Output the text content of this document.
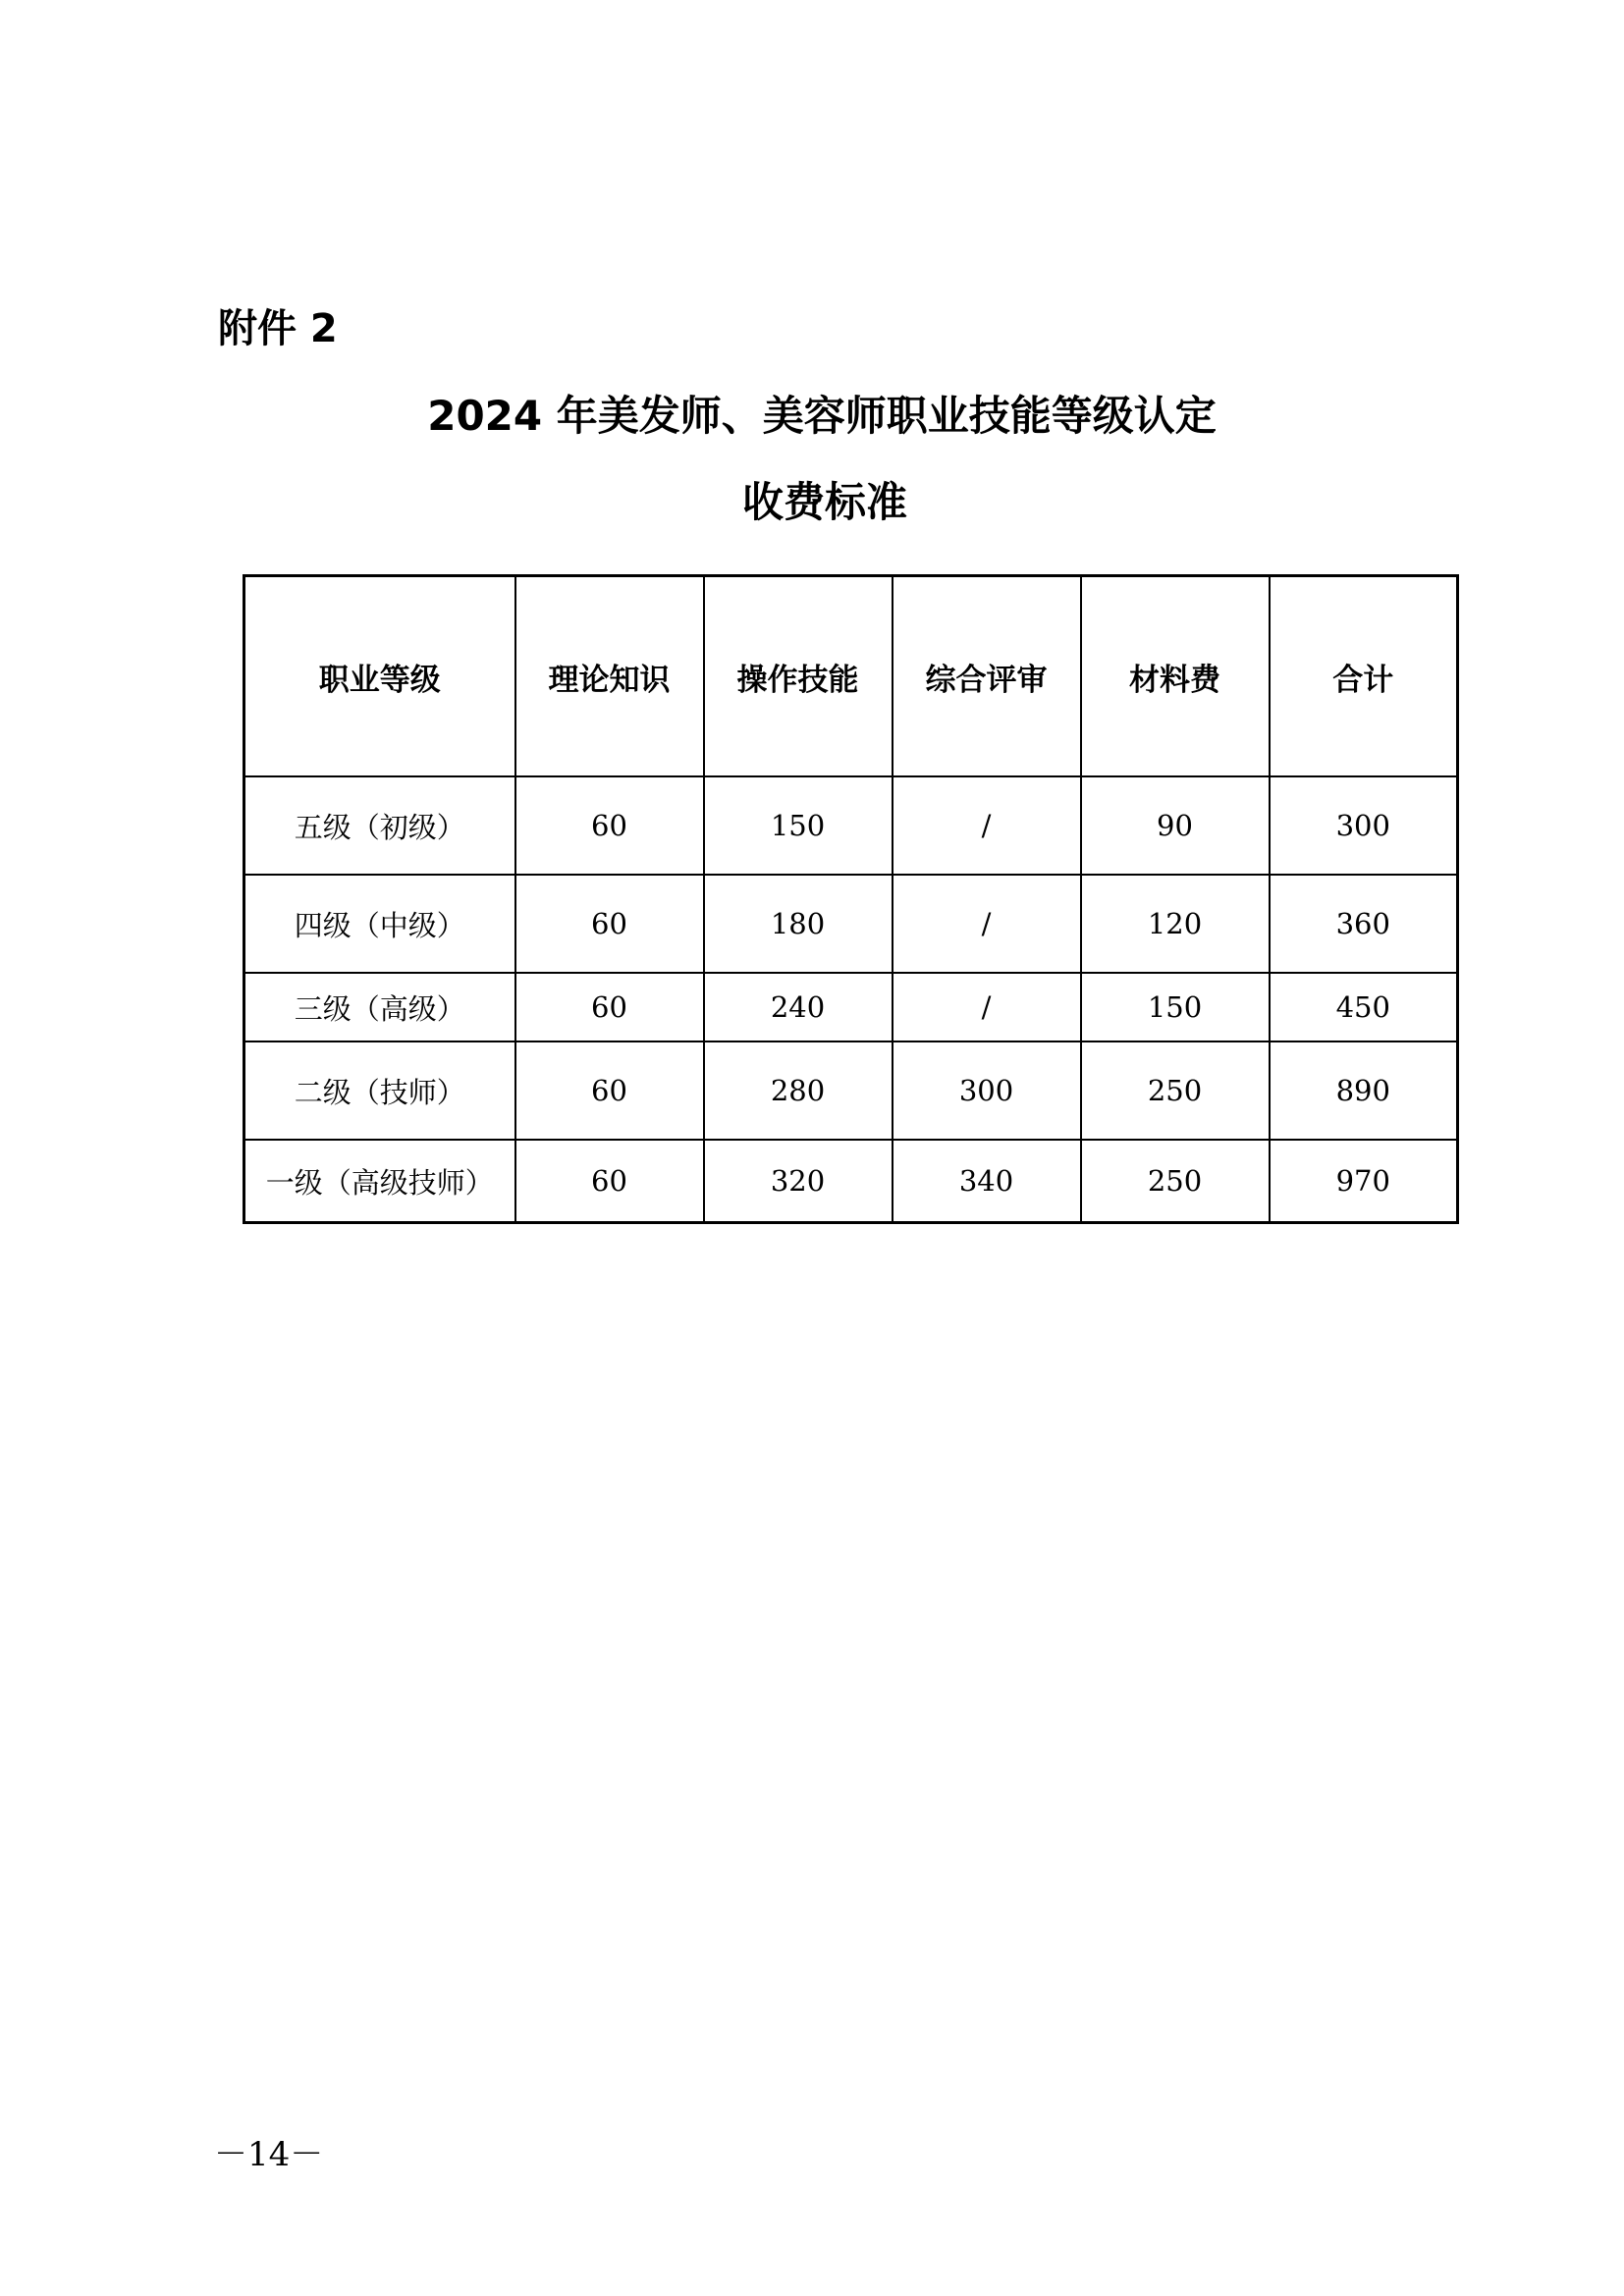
附件 2
2024 年美发师、美容师职业技能等级认定
收费标准
职业等级	理论知识	操作技能	综合评审	材料费	合计
五级（初级）	60	150	/	90	300
四级（中级）	60	180	/	120	360
三级（高级）	60	240	/	150	450
二级（技师）	60	280	300	250	890
一级（高级技师）	60	320	340	250	970
－14－
